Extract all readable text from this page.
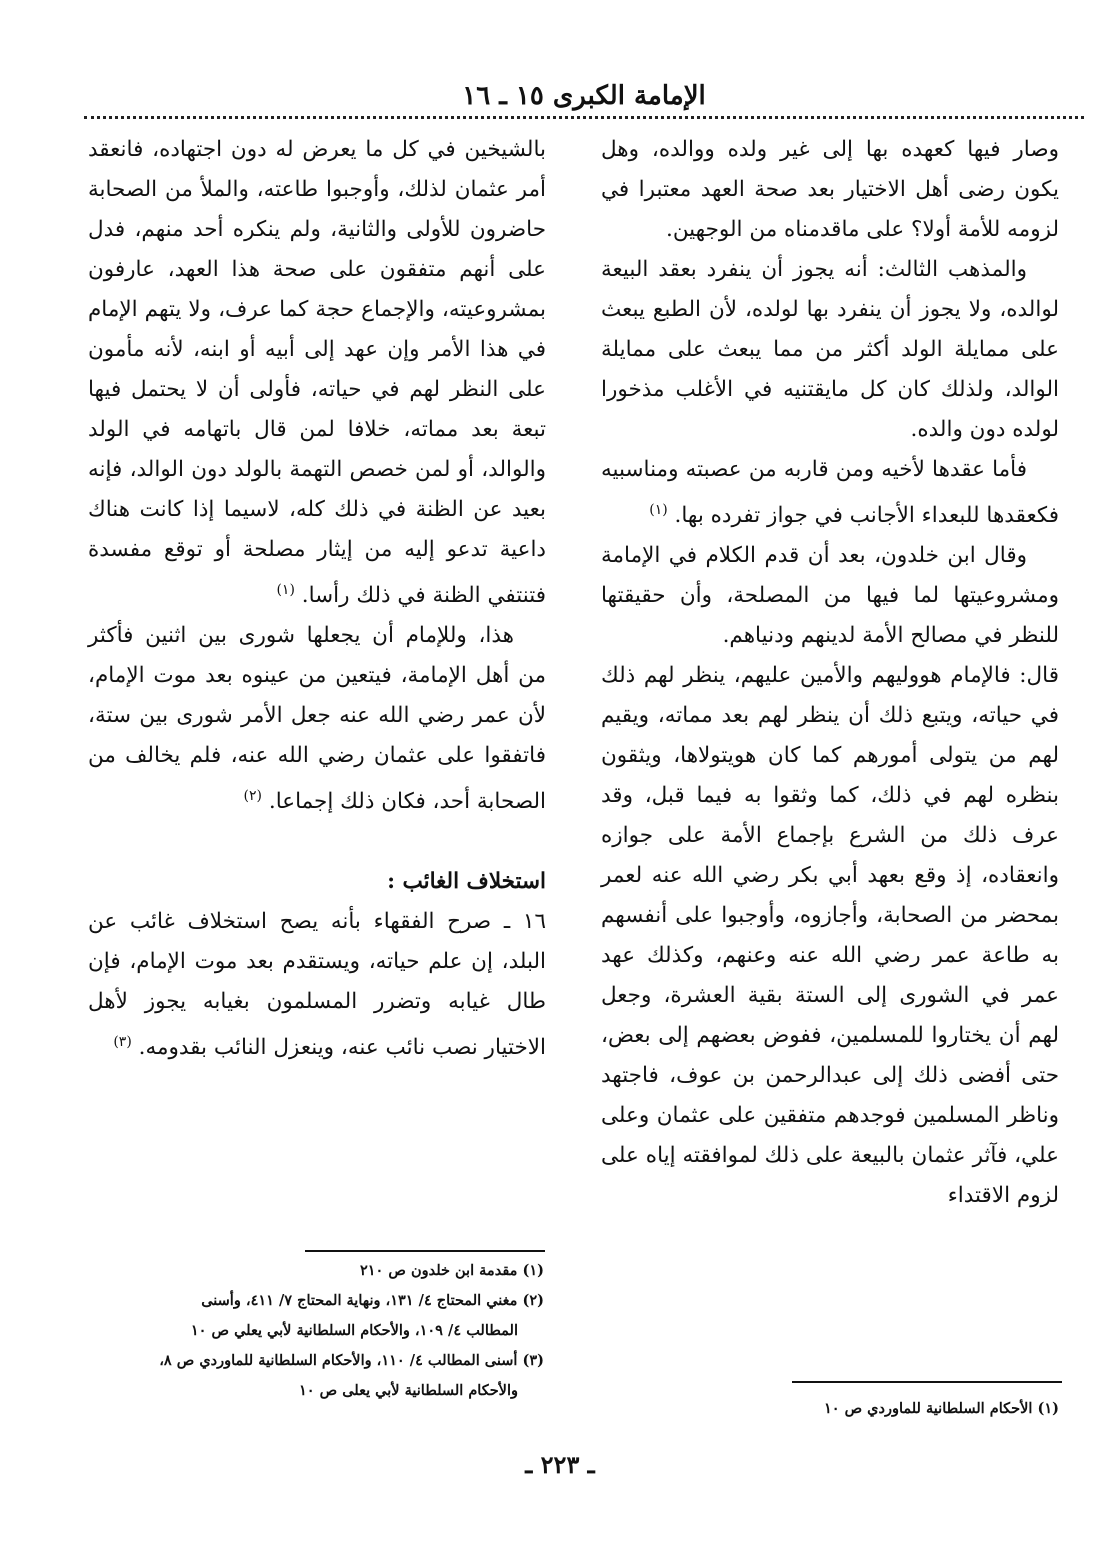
الإمامة الكبرى ١٥ ـ ١٦

وصار فيها كعهده بها إلى غير ولده ووالده، وهل يكون رضى أهل الاختيار بعد صحة العهد معتبرا في لزومه للأمة أولا؟ على ماقدمناه من الوجهين.

والمذهب الثالث: أنه يجوز أن ينفرد بعقد البيعة لوالده، ولا يجوز أن ينفرد بها لولده، لأن الطبع يبعث على ممايلة الولد أكثر من مما يبعث على ممايلة الوالد، ولذلك كان كل مايقتنيه في الأغلب مذخورا لولده دون والده.

فأما عقدها لأخيه ومن قاربه من عصبته ومناسبيه فكعقدها للبعداء الأجانب في جواز تفرده بها. $^{(١)}$

وقال ابن خلدون، بعد أن قدم الكلام في الإمامة ومشروعيتها لما فيها من المصلحة، وأن حقيقتها للنظر في مصالح الأمة لدينهم ودنياهم.

قال: فالإمام هووليهم والأمين عليهم، ينظر لهم ذلك في حياته، ويتبع ذلك أن ينظر لهم بعد مماته، ويقيم لهم من يتولى أمورهم كما كان هويتولاها، ويثقون بنظره لهم في ذلك، كما وثقوا به فيما قبل، وقد عرف ذلك من الشرع بإجماع الأمة على جوازه وانعقاده، إذ وقع بعهد أبي بكر رضي الله عنه لعمر بمحضر من الصحابة، وأجازوه، وأوجبوا على أنفسهم به طاعة عمر رضي الله عنه وعنهم، وكذلك عهد عمر في الشورى إلى الستة بقية العشرة، وجعل لهم أن يختاروا للمسلمين، ففوض بعضهم إلى بعض، حتى أفضى ذلك إلى عبدالرحمن بن عوف، فاجتهد وناظر المسلمين فوجدهم متفقين على عثمان وعلى علي، فآثر عثمان بالبيعة على ذلك لموافقته إياه على لزوم الاقتداء

بالشيخين في كل ما يعرض له دون اجتهاده، فانعقد أمر عثمان لذلك، وأوجبوا طاعته، والملأ من الصحابة حاضرون للأولى والثانية، ولم ينكره أحد منهم، فدل على أنهم متفقون على صحة هذا العهد، عارفون بمشروعيته، والإجماع حجة كما عرف، ولا يتهم الإمام في هذا الأمر وإن عهد إلى أبيه أو ابنه، لأنه مأمون على النظر لهم في حياته، فأولى أن لا يحتمل فيها تبعة بعد مماته، خلافا لمن قال باتهامه في الولد والوالد، أو لمن خصص التهمة بالولد دون الوالد، فإنه بعيد عن الظنة في ذلك كله، لاسيما إذا كانت هناك داعية تدعو إليه من إيثار مصلحة أو توقع مفسدة فتنتفي الظنة في ذلك رأسا. $^{(١)}$

هذا، وللإمام أن يجعلها شورى بين اثنين فأكثر من أهل الإمامة، فيتعين من عينوه بعد موت الإمام، لأن عمر رضي الله عنه جعل الأمر شورى بين ستة، فاتفقوا على عثمان رضي الله عنه، فلم يخالف من الصحابة أحد، فكان ذلك إجماعا. $^{(٢)}$

استخلاف الغائب :

١٦ ـ صرح الفقهاء بأنه يصح استخلاف غائب عن البلد، إن علم حياته، ويستقدم بعد موت الإمام، فإن طال غيابه وتضرر المسلمون بغيابه يجوز لأهل الاختيار نصب نائب عنه، وينعزل النائب بقدومه. $^{(٣)}$

(١) مقدمة ابن خلدون ص ٢١٠

(٢) مغني المحتاج ٤/ ١٣١، ونهاية المحتاج ٧/ ٤١١، وأسنى

المطالب ٤/ ١٠٩، والأحكام السلطانية لأبي يعلي ص ١٠

(٣) أسنى المطالب ٤/ ١١٠، والأحكام السلطانية للماوردي ص ٨،

والأحكام السلطانية لأبي يعلى ص ١٠

(١) الأحكام السلطانية للماوردي ص ١٠

ـ ٢٢٣ ـ
